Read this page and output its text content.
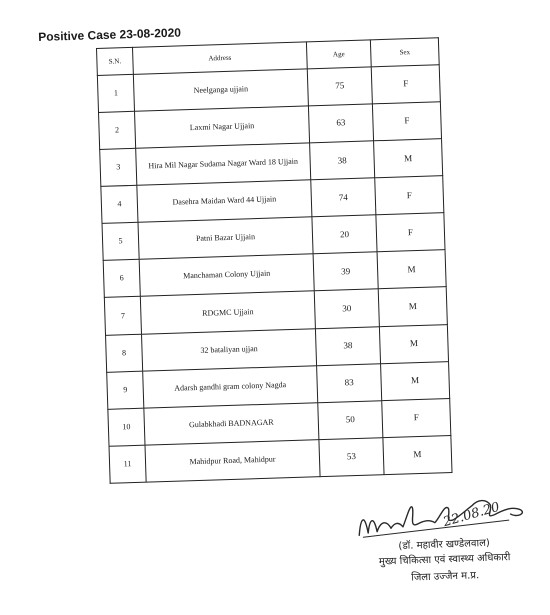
Positive Case 23-08-2020
S.N.	Address	Age	Sex
1	Neelganga ujjain	75	F
2	Laxmi Nagar Ujjain	63	F
3	Hira Mil Nagar Sudama Nagar Ward 18 Ujjain	38	M
4	Dasehra Maidan Ward 44 Ujjain	74	F
5	Patni Bazar Ujjain	20	F
6	Manchaman Colony Ujjain	39	M
7	RDGMC Ujjain	30	M
8	32 bataliyan ujjan	38	M
9	Adarsh gandhi gram colony Nagda	83	M
10	Gulabkhadi BADNAGAR	50	F
11	Mahidpur Road, Mahidpur	53	M
22.08.20
(डॉ. महावीर खण्डेलवाल)
मुख्य चिकित्सा एवं स्वास्थ्य अधिकारी
जिला उज्जैन म.प्र.
